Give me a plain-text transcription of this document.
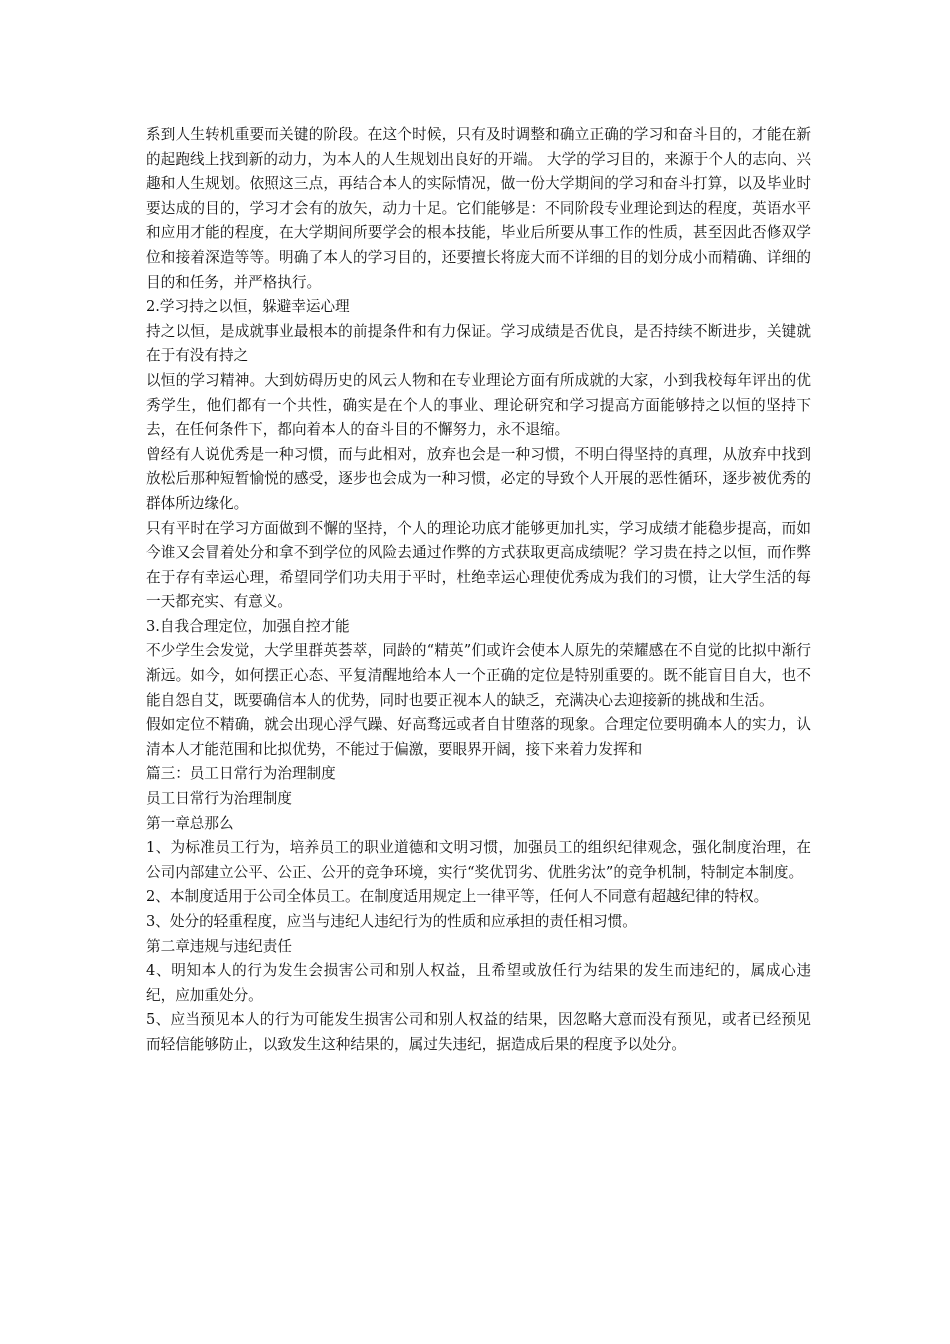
系到人生转机重要而关键的阶段。在这个时候，只有及时调整和确立正确的学习和奋斗目的，才能在新的起跑线上找到新的动力，为本人的人生规划出良好的开端。 大学的学习目的，来源于个人的志向、兴趣和人生规划。依照这三点，再结合本人的实际情况，做一份大学期间的学习和奋斗打算，以及毕业时要达成的目的，学习才会有的放矢，动力十足。它们能够是：不同阶段专业理论到达的程度，英语水平和应用才能的程度，在大学期间所要学会的根本技能，毕业后所要从事工作的性质，甚至因此否修双学位和接着深造等等。明确了本人的学习目的，还要擅长将庞大而不详细的目的划分成小而精确、详细的目的和任务，并严格执行。

2.学习持之以恒，躲避幸运心理

持之以恒，是成就事业最根本的前提条件和有力保证。学习成绩是否优良，是否持续不断进步，关键就在于有没有持之

以恒的学习精神。大到妨碍历史的风云人物和在专业理论方面有所成就的大家，小到我校每年评出的优秀学生，他们都有一个共性，确实是在个人的事业、理论研究和学习提高方面能够持之以恒的坚持下去，在任何条件下，都向着本人的奋斗目的不懈努力，永不退缩。

曾经有人说优秀是一种习惯，而与此相对，放弃也会是一种习惯，不明白得坚持的真理，从放弃中找到放松后那种短暂愉悦的感受，逐步也会成为一种习惯，必定的导致个人开展的恶性循环，逐步被优秀的群体所边缘化。

只有平时在学习方面做到不懈的坚持，个人的理论功底才能够更加扎实，学习成绩才能稳步提高，而如今谁又会冒着处分和拿不到学位的风险去通过作弊的方式获取更高成绩呢？学习贵在持之以恒，而作弊在于存有幸运心理，希望同学们功夫用于平时，杜绝幸运心理使优秀成为我们的习惯，让大学生活的每一天都充实、有意义。

3.自我合理定位，加强自控才能

不少学生会发觉，大学里群英荟萃，同龄的“精英”们或许会使本人原先的荣耀感在不自觉的比拟中渐行渐远。如今，如何摆正心态、平复清醒地给本人一个正确的定位是特别重要的。既不能盲目自大，也不能自怨自艾，既要确信本人的优势，同时也要正视本人的缺乏，充满决心去迎接新的挑战和生活。

假如定位不精确，就会出现心浮气躁、好高骛远或者自甘堕落的现象。合理定位要明确本人的实力，认清本人才能范围和比拟优势，不能过于偏激，要眼界开阔，接下来着力发挥和

篇三：员工日常行为治理制度

员工日常行为治理制度

第一章总那么

1、为标准员工行为，培养员工的职业道德和文明习惯，加强员工的组织纪律观念，强化制度治理，在公司内部建立公平、公正、公开的竞争环境，实行“奖优罚劣、优胜劣汰”的竞争机制，特制定本制度。

2、本制度适用于公司全体员工。在制度适用规定上一律平等，任何人不同意有超越纪律的特权。

3、处分的轻重程度，应当与违纪人违纪行为的性质和应承担的责任相习惯。

第二章违规与违纪责任

4、明知本人的行为发生会损害公司和别人权益，且希望或放任行为结果的发生而违纪的，属成心违纪，应加重处分。

5、应当预见本人的行为可能发生损害公司和别人权益的结果，因忽略大意而没有预见，或者已经预见而轻信能够防止，以致发生这种结果的，属过失违纪，据造成后果的程度予以处分。
